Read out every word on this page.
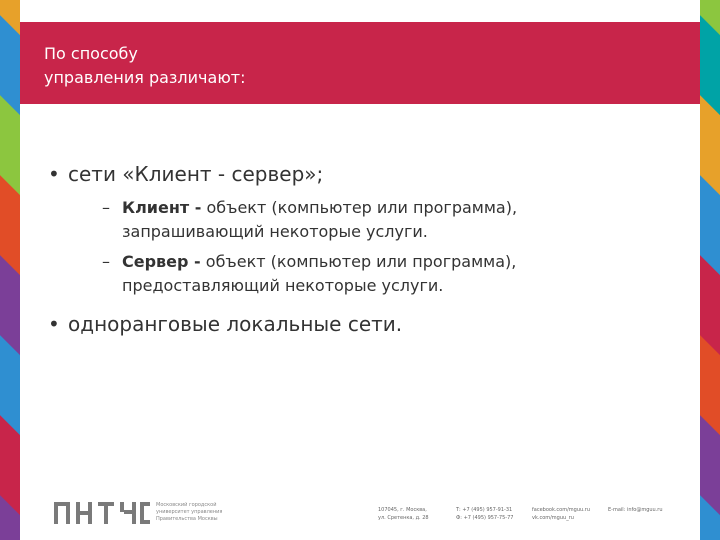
По способу
управления различают:
• сети «Клиент - сервер»;
– Клиент - объект (компьютер или программа),
запрашивающий некоторые услуги.
– Сервер - объект (компьютер или программа),
предоставляющий некоторые услуги.
• одноранговые локальные сети.
Московский городской
университет управления
Правительства Москвы
107045, г. Москва,
ул. Сретенка, д. 28
Т: +7 (495) 957-91-31
Ф: +7 (495) 957-75-77
facebook.com/mguu.ru
vk.com/mguu_ru
E-mail: info@mguu.ru
